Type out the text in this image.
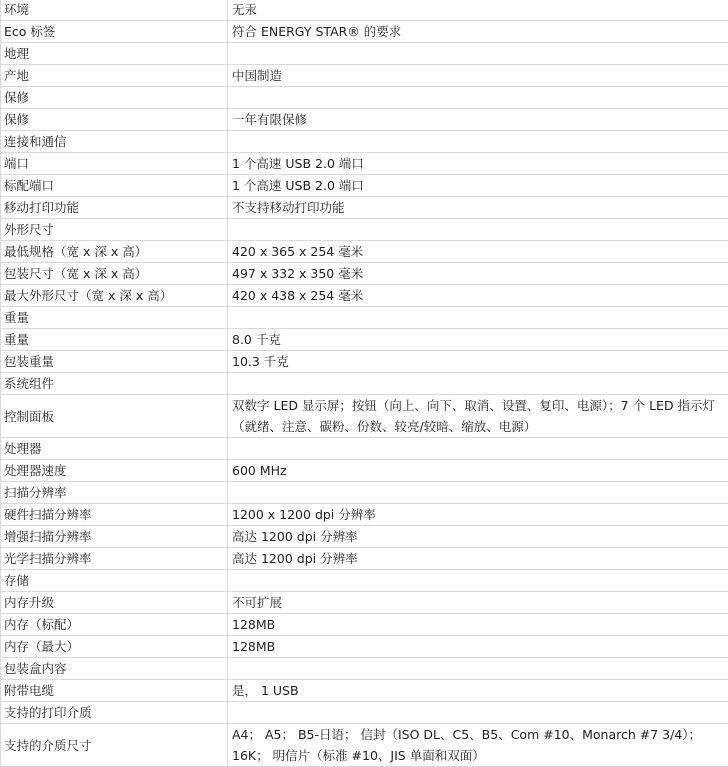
环境	无汞
Eco 标签	符合 ENERGY STAR® 的要求
地理	
产地	中国制造
保修	
保修	一年有限保修
连接和通信	
端口	1 个高速 USB 2.0 端口
标配端口	1 个高速 USB 2.0 端口
移动打印功能	不支持移动打印功能
外形尺寸	
最低规格（宽 x 深 x 高）	420 x 365 x 254 毫米
包装尺寸（宽 x 深 x 高）	497 x 332 x 350 毫米
最大外形尺寸（宽 x 深 x 高）	420 x 438 x 254 毫米
重量	
重量	8.0 千克
包装重量	10.3 千克
系统组件	
控制面板	双数字 LED 显示屏；按钮（向上、向下、取消、设置、复印、电源）；7 个 LED 指示灯（就绪、注意、碳粉、份数、较亮/较暗、缩放、电源）
处理器	
处理器速度	600 MHz
扫描分辨率	
硬件扫描分辨率	1200 x 1200 dpi 分辨率
增强扫描分辨率	高达 1200 dpi 分辨率
光学扫描分辨率	高达 1200 dpi 分辨率
存储	
内存升级	不可扩展
内存（标配）	128MB
内存（最大）	128MB
包装盒内容	
附带电缆	是， 1 USB
支持的打印介质	
支持的介质尺寸	A4； A5； B5-日语； 信封（ISO DL、C5、B5、Com #10、Monarch #7 3/4）；16K； 明信片（标准 #10、JIS 单面和双面）
